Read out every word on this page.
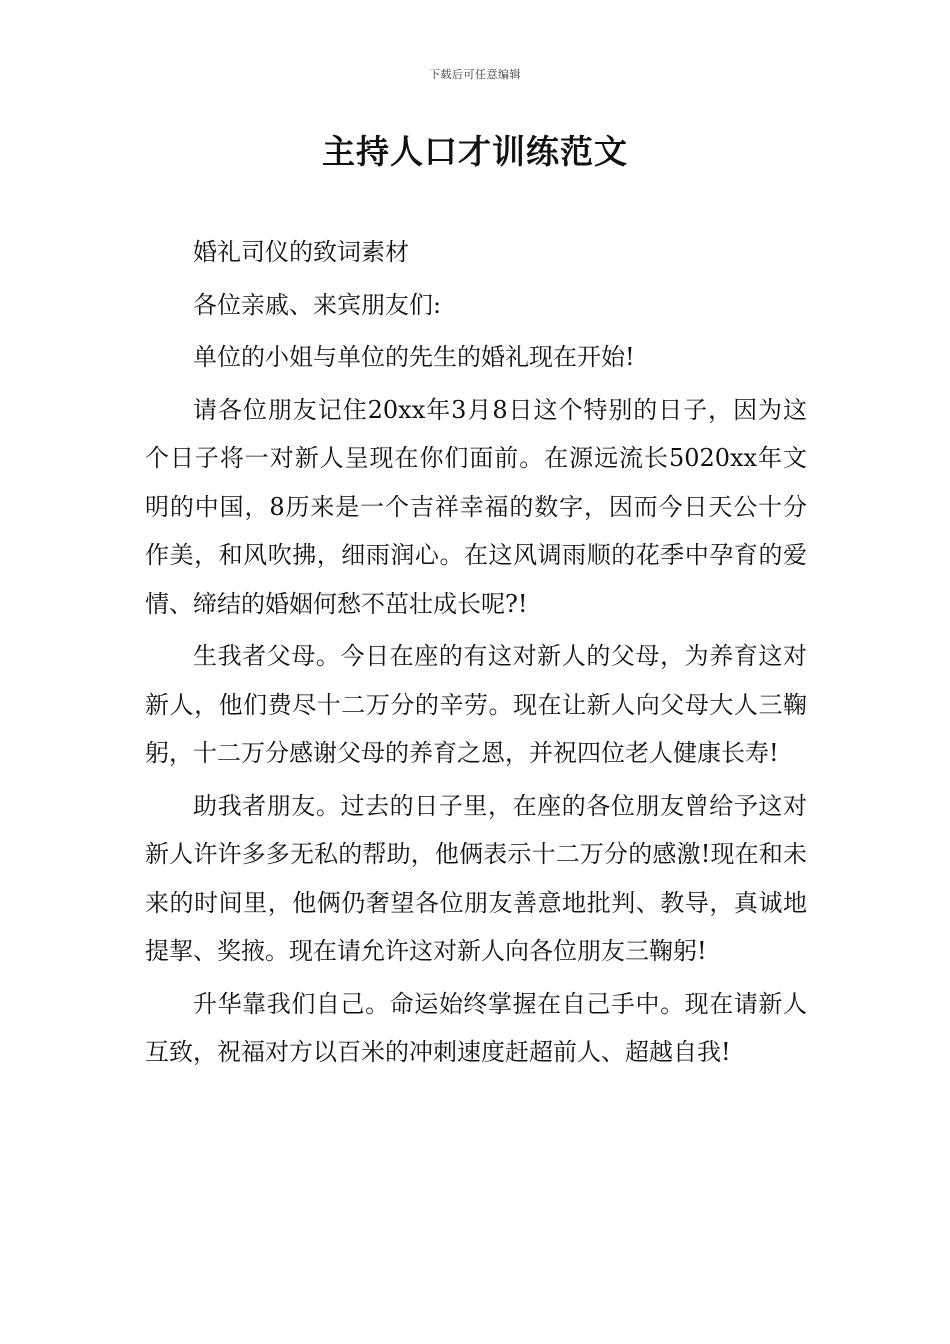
下载后可任意编辑
主持人口才训练范文

婚礼司仪的致词素材

各位亲戚、来宾朋友们:

单位的小姐与单位的先生的婚礼现在开始!

请各位朋友记住20xx年3月8日这个特别的日子，因为这个日子将一对新人呈现在你们面前。在源远流长5020xx年文明的中国，8历来是一个吉祥幸福的数字，因而今日天公十分作美，和风吹拂，细雨润心。在这风调雨顺的花季中孕育的爱情、缔结的婚姻何愁不茁壮成长呢?!

生我者父母。今日在座的有这对新人的父母，为养育这对新人，他们费尽十二万分的辛劳。现在让新人向父母大人三鞠躬，十二万分感谢父母的养育之恩，并祝四位老人健康长寿!

助我者朋友。过去的日子里，在座的各位朋友曾给予这对新人许许多多无私的帮助，他俩表示十二万分的感激!现在和未来的时间里，他俩仍奢望各位朋友善意地批判、教导，真诚地提挈、奖掖。现在请允许这对新人向各位朋友三鞠躬!

升华靠我们自己。命运始终掌握在自己手中。现在请新人互致，祝福对方以百米的冲刺速度赶超前人、超越自我!
